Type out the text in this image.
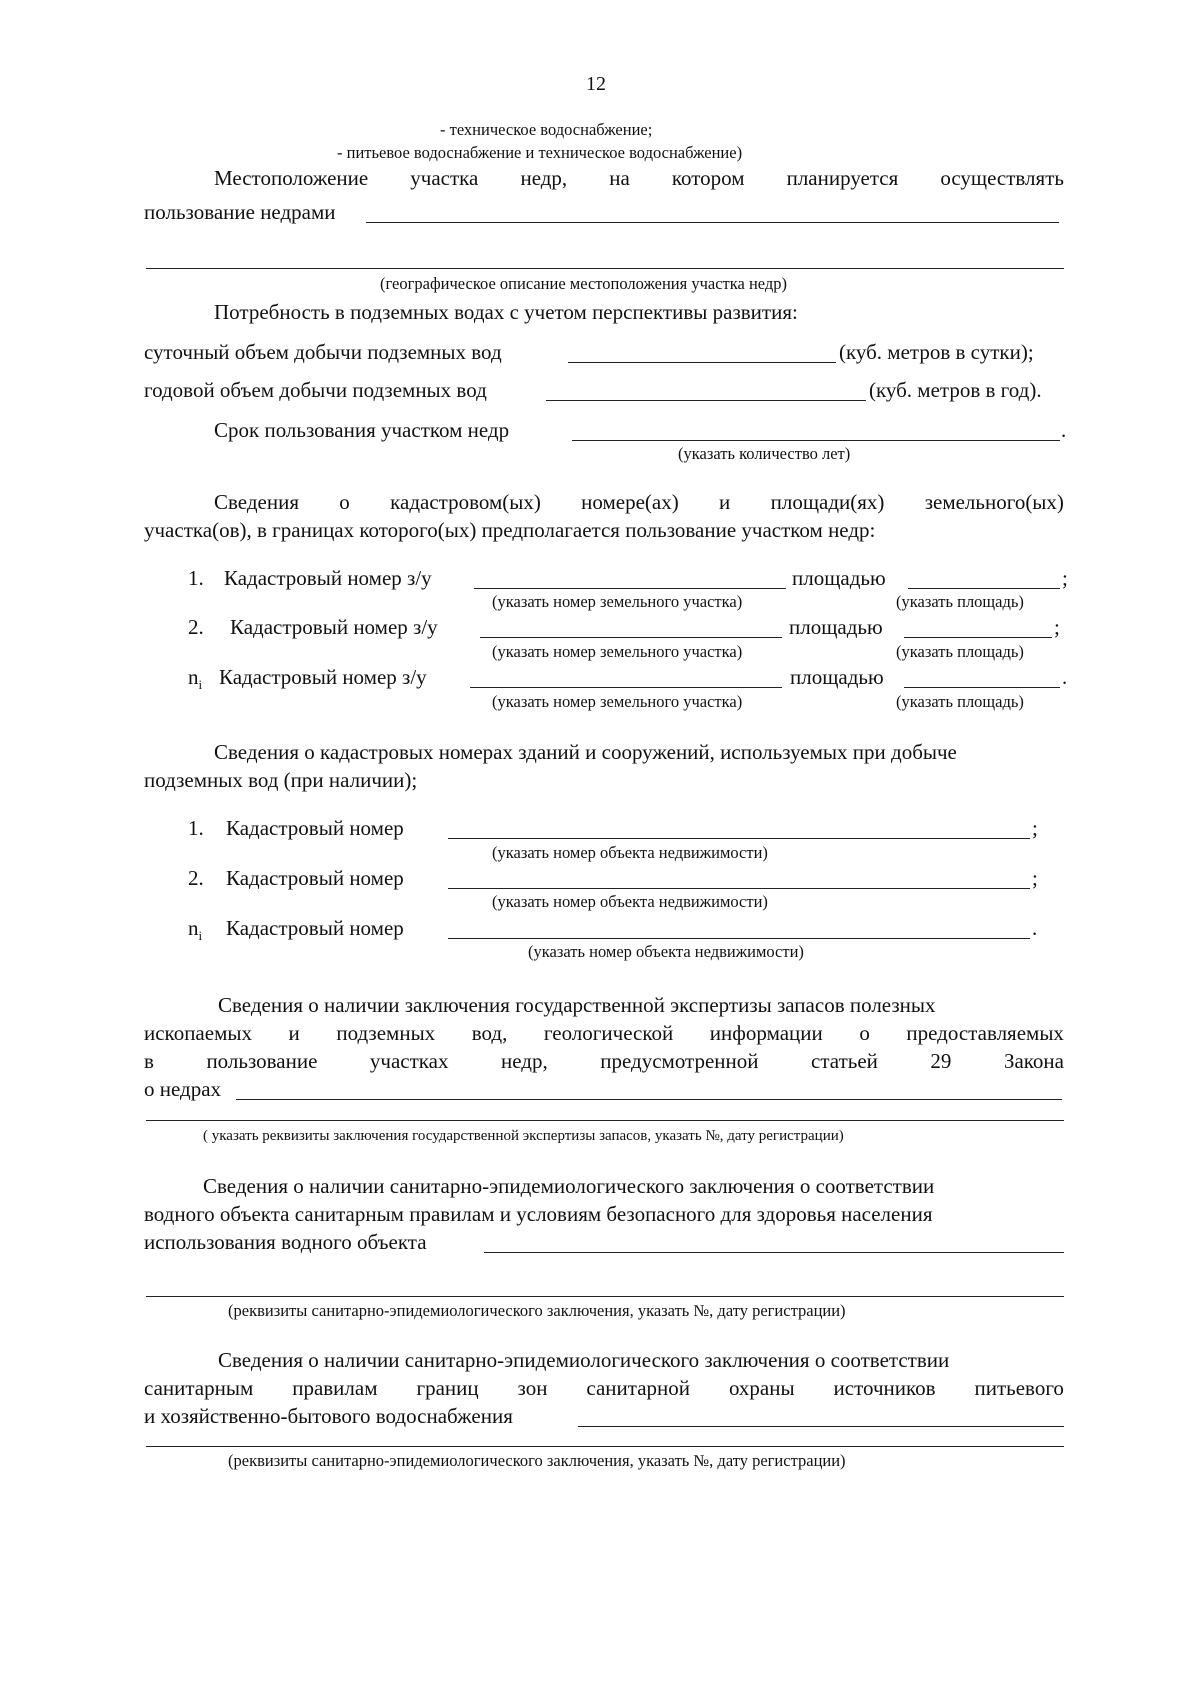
12
- техническое водоснабжение;
- питьевое водоснабжение и техническое водоснабжение)
Местоположение участка недр, на котором планируется осуществлять
пользование недрами
(географическое описание местоположения участка недр)
Потребность в подземных водах с учетом перспективы развития:
суточный объем добычи подземных вод	(куб. метров в сутки);
годовой объем добычи подземных вод	(куб. метров в год).
Срок пользования участком недр	.
(указать количество лет)
Сведения о кадастровом(ых) номере(ах) и площади(ях) земельного(ых)
участка(ов), в границах которого(ых) предполагается пользование участком недр:
1. Кадастровый номер з/у	площадью	;
(указать номер земельного участка)	(указать площадь)
2. Кадастровый номер з/у	площадью	;
(указать номер земельного участка)	(указать площадь)
$n_i$ Кадастровый номер з/у	площадью	.
(указать номер земельного участка)	(указать площадь)
Сведения о кадастровых номерах зданий и сооружений, используемых при добыче
подземных вод (при наличии);
1. Кадастровый номер	;
(указать номер объекта недвижимости)
2. Кадастровый номер	;
(указать номер объекта недвижимости)
$n_i$ Кадастровый номер	.
(указать номер объекта недвижимости)
Сведения о наличии заключения государственной экспертизы запасов полезных
ископаемых и подземных вод, геологической информации о предоставляемых
в	пользование	участках	недр,	предусмотренной	статьей	29	Закона
о недрах
( указать реквизиты заключения государственной экспертизы запасов, указать №, дату регистрации)
Сведения о наличии санитарно-эпидемиологического заключения о соответствии
водного объекта санитарным правилам и условиям безопасного для здоровья населения
использования водного объекта
(реквизиты санитарно-эпидемиологического заключения, указать №, дату регистрации)
Сведения о наличии санитарно-эпидемиологического заключения о соответствии
санитарным правилам границ зон санитарной охраны источников питьевого
и хозяйственно-бытового водоснабжения
(реквизиты санитарно-эпидемиологического заключения, указать №, дату регистрации)
